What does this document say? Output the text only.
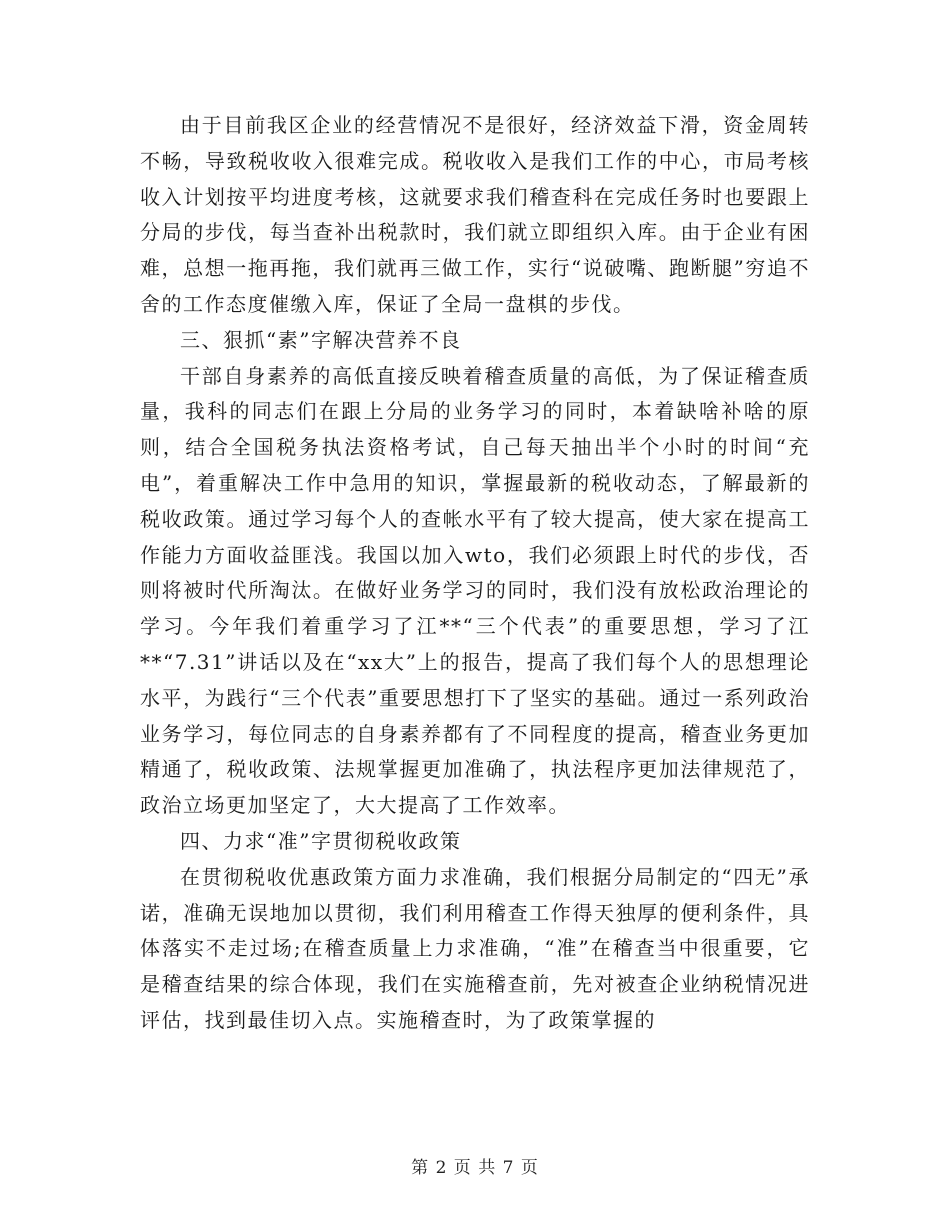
由于目前我区企业的经营情况不是很好，经济效益下滑，资金周转不畅，导致税收收入很难完成。税收收入是我们工作的中心，市局考核收入计划按平均进度考核，这就要求我们稽查科在完成任务时也要跟上分局的步伐，每当查补出税款时，我们就立即组织入库。由于企业有困难，总想一拖再拖，我们就再三做工作，实行“说破嘴、跑断腿”穷追不舍的工作态度催缴入库，保证了全局一盘棋的步伐。

三、狠抓“素”字解决营养不良

干部自身素养的高低直接反映着稽查质量的高低，为了保证稽查质量，我科的同志们在跟上分局的业务学习的同时，本着缺啥补啥的原则，结合全国税务执法资格考试，自己每天抽出半个小时的时间“充电”，着重解决工作中急用的知识，掌握最新的税收动态，了解最新的税收政策。通过学习每个人的查帐水平有了较大提高，使大家在提高工作能力方面收益匪浅。我国以加入wto，我们必须跟上时代的步伐，否则将被时代所淘汰。在做好业务学习的同时，我们没有放松政治理论的学习。今年我们着重学习了江**“三个代表”的重要思想，学习了江**“7.31”讲话以及在“xx大”上的报告，提高了我们每个人的思想理论水平，为践行“三个代表”重要思想打下了坚实的基础。通过一系列政治业务学习，每位同志的自身素养都有了不同程度的提高，稽查业务更加精通了，税收政策、法规掌握更加准确了，执法程序更加法律规范了，政治立场更加坚定了，大大提高了工作效率。

四、力求“准”字贯彻税收政策

在贯彻税收优惠政策方面力求准确，我们根据分局制定的“四无”承诺，准确无误地加以贯彻，我们利用稽查工作得天独厚的便利条件，具体落实不走过场;在稽查质量上力求准确，“准”在稽查当中很重要，它是稽查结果的综合体现，我们在实施稽查前，先对被查企业纳税情况进评估，找到最佳切入点。实施稽查时，为了政策掌握的

第 2 页 共 7 页
